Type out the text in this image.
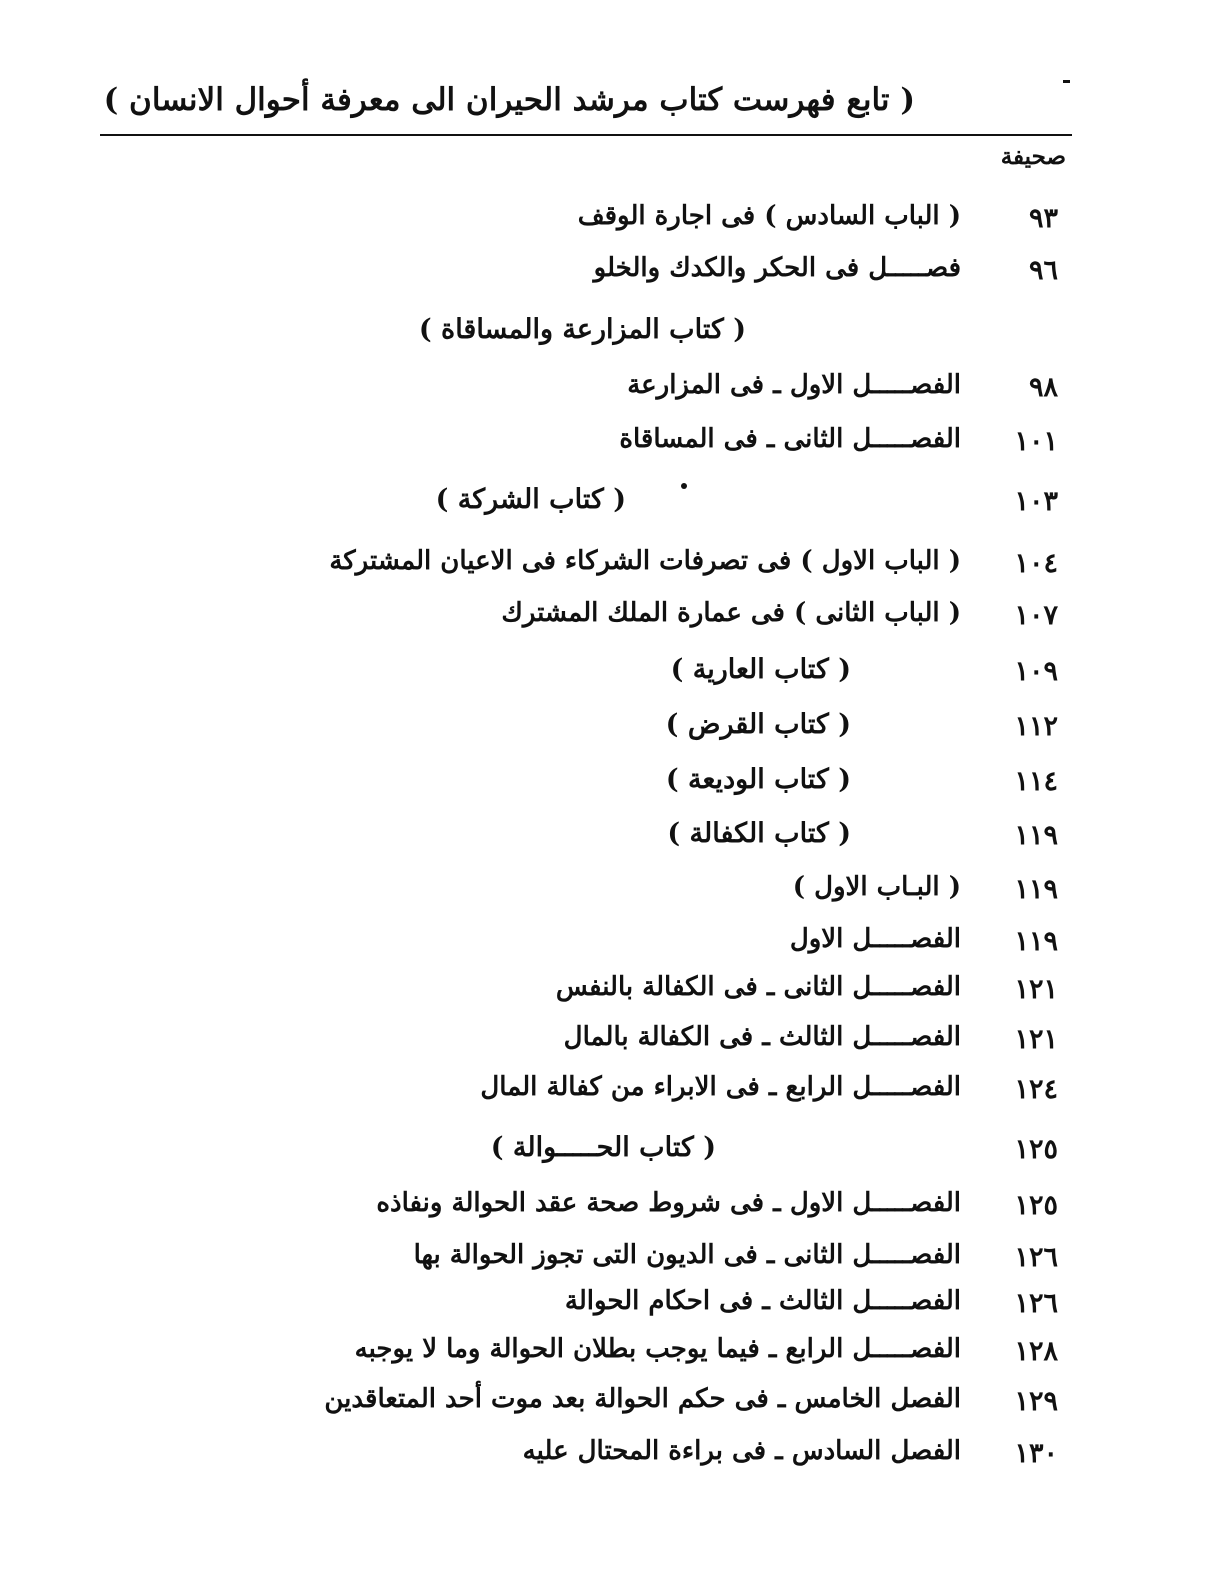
( تابع فهرست كتاب مرشد الحيران الى معرفة أحوال الانسان )
صحيفة
٩٣
( الباب السادس ) فى اجارة الوقف
٩٦
فصـــــل فى الحكر والكدك والخلو
( كتاب المزارعة والمساقاة )
٩٨
الفصـــــل الاول ـ فى المزارعة
١٠١
الفصـــــل الثانى ـ فى المساقاة
١٠٣
( كتاب الشركة )
١٠٤
( الباب الاول ) فى تصرفات الشركاء فى الاعيان المشتركة
١٠٧
( الباب الثانى ) فى عمارة الملك المشترك
١٠٩
( كتاب العارية )
١١٢
( كتاب القرض )
١١٤
( كتاب الوديعة )
١١٩
( كتاب الكفالة )
١١٩
( البـاب الاول )
١١٩
الفصـــــل الاول
١٢١
الفصـــــل الثانى ـ فى الكفالة بالنفس
١٢١
الفصـــــل الثالث ـ فى الكفالة بالمال
١٢٤
الفصـــــل الرابع ـ فى الابراء من كفالة المال
١٢٥
( كتاب الحـــــوالة )
١٢٥
الفصـــــل الاول ـ فى شروط صحة عقد الحوالة ونفاذه
١٢٦
الفصـــــل الثانى ـ فى الديون التى تجوز الحوالة بها
١٢٦
الفصـــــل الثالث ـ فى احكام الحوالة
١٢٨
الفصـــــل الرابع ـ فيما يوجب بطلان الحوالة وما لا يوجبه
١٢٩
الفصل الخامس ـ فى حكم الحوالة بعد موت أحد المتعاقدين
١٣٠
الفصل السادس ـ فى براءة المحتال عليه
